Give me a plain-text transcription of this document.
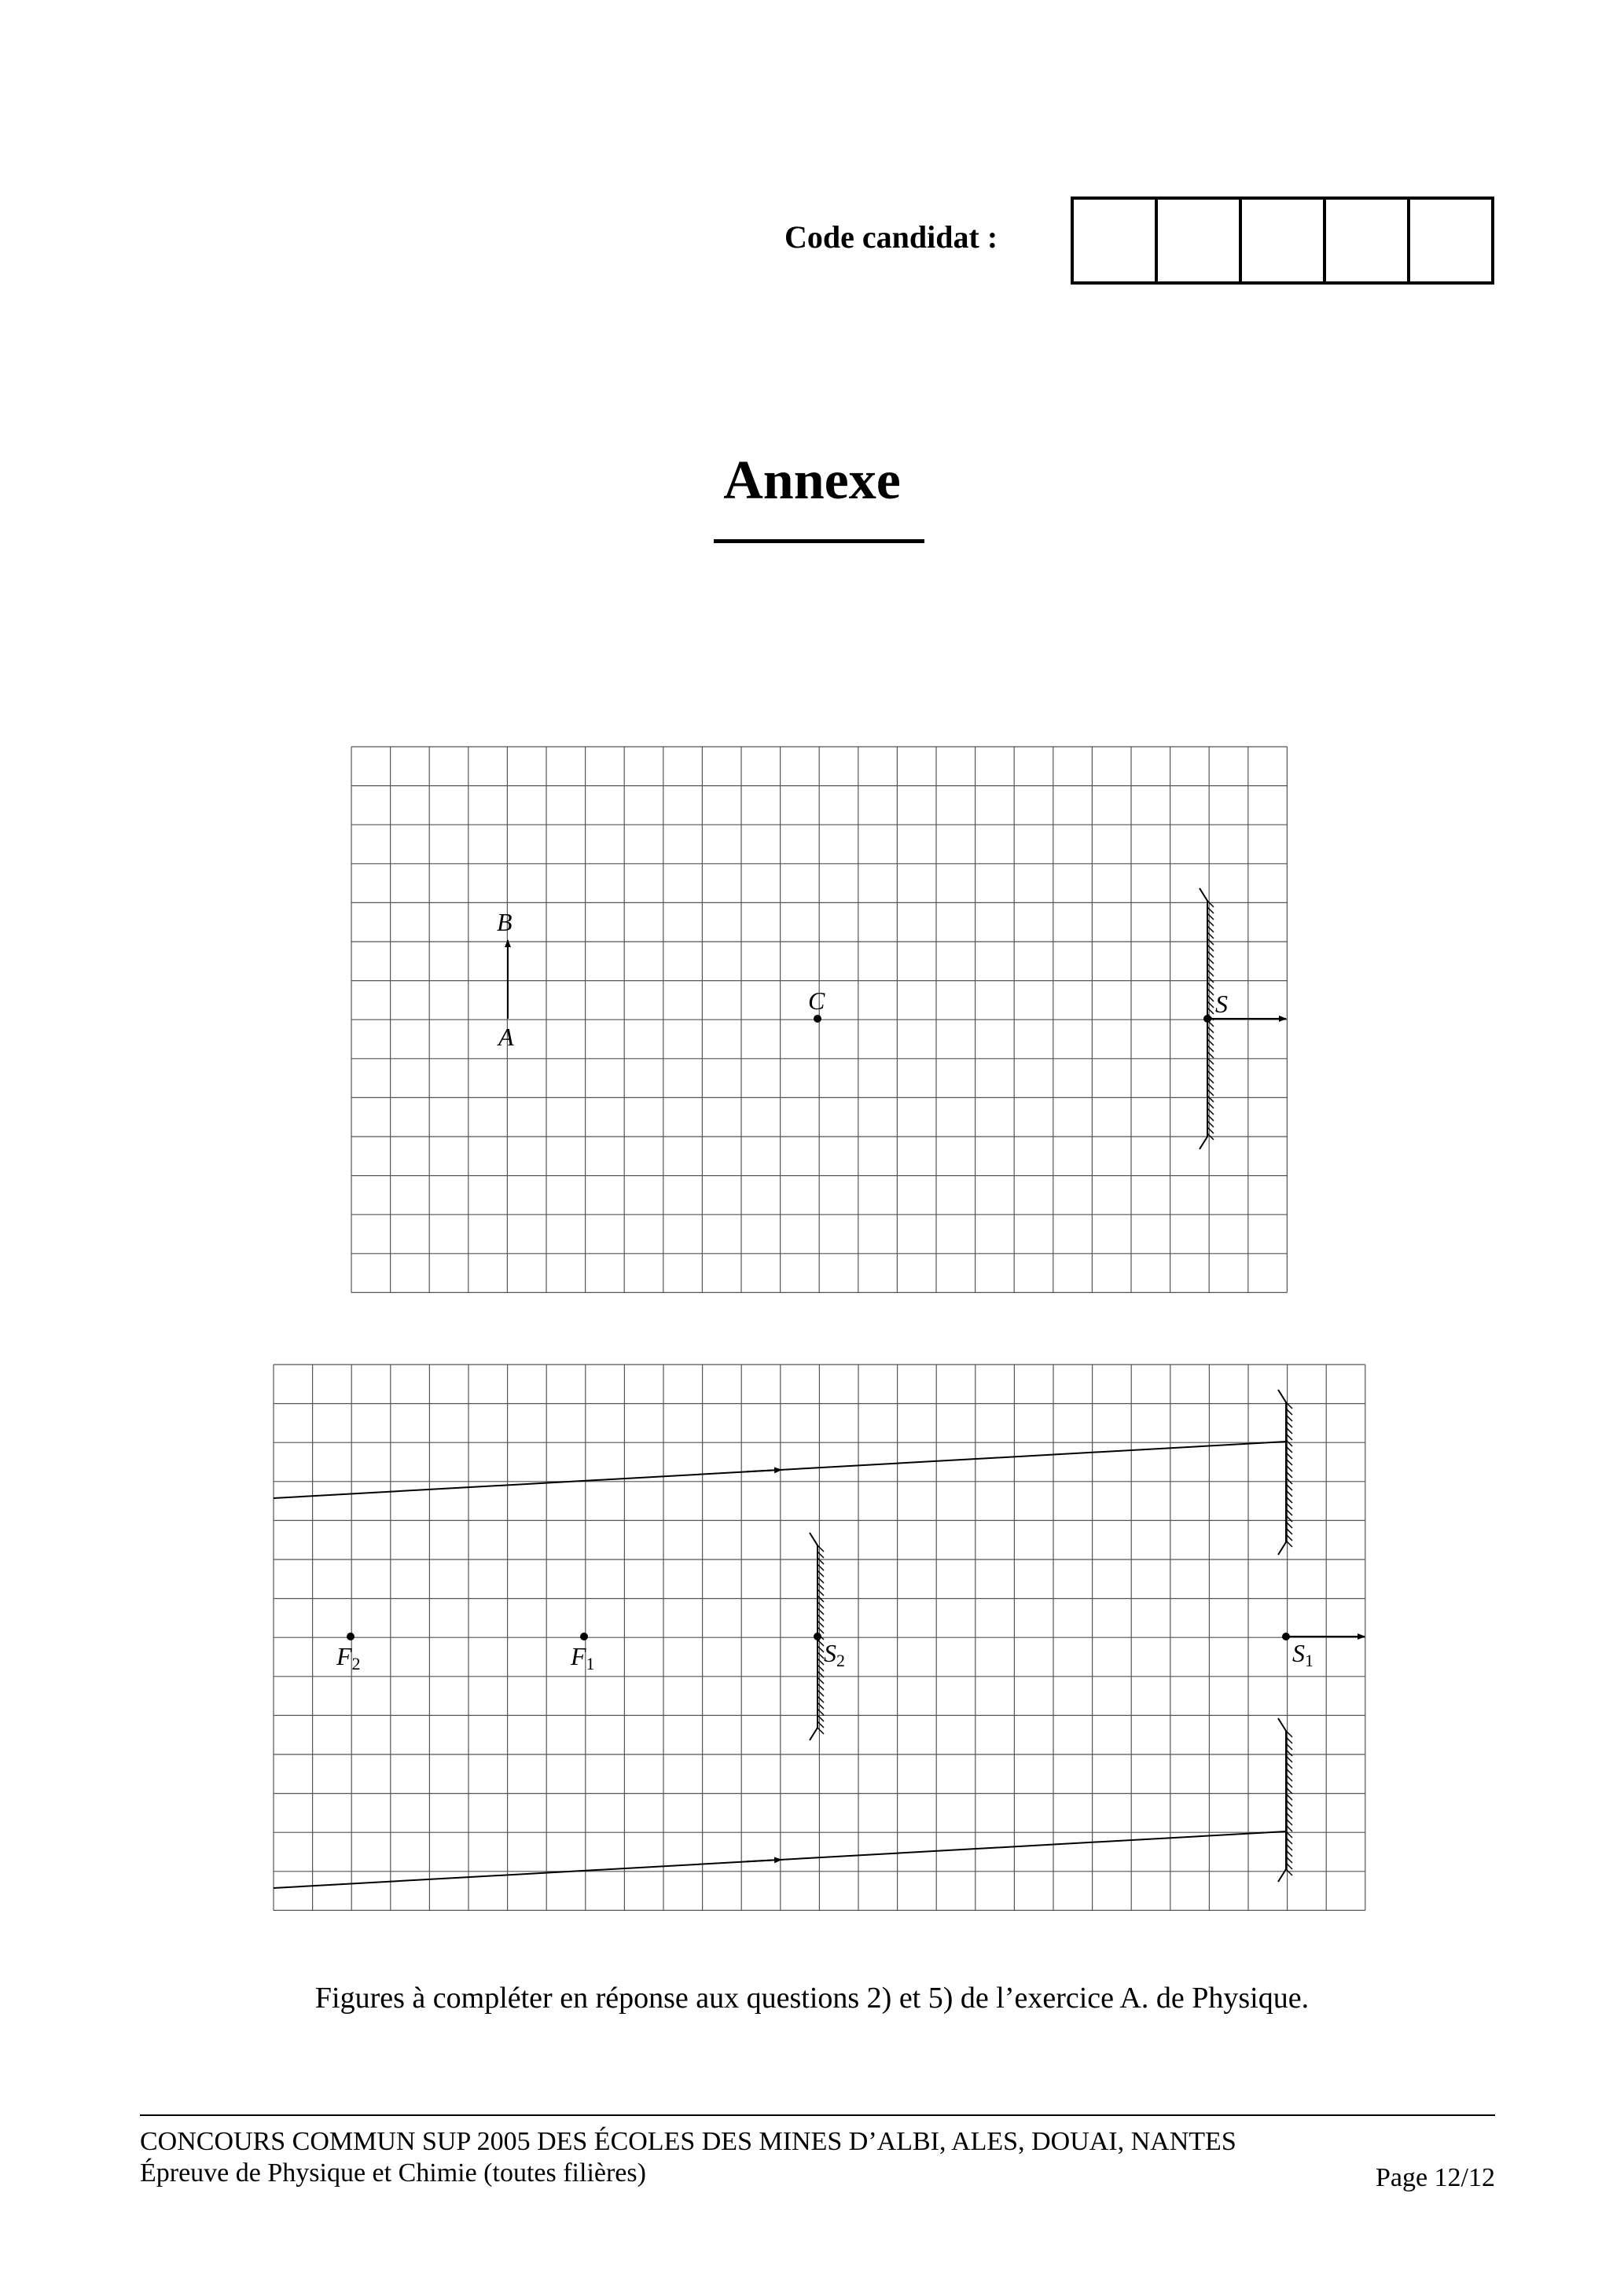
Code candidat :
Annexe
B
A
C	S
F2	F1	S2	S1
Figures à compléter en réponse aux questions 2) et 5) de l’exercice A. de Physique.
CONCOURS COMMUN SUP 2005 DES ÉCOLES DES MINES D’ALBI, ALES, DOUAI, NANTES
Épreuve de Physique et Chimie (toutes filières)	Page 12/12
